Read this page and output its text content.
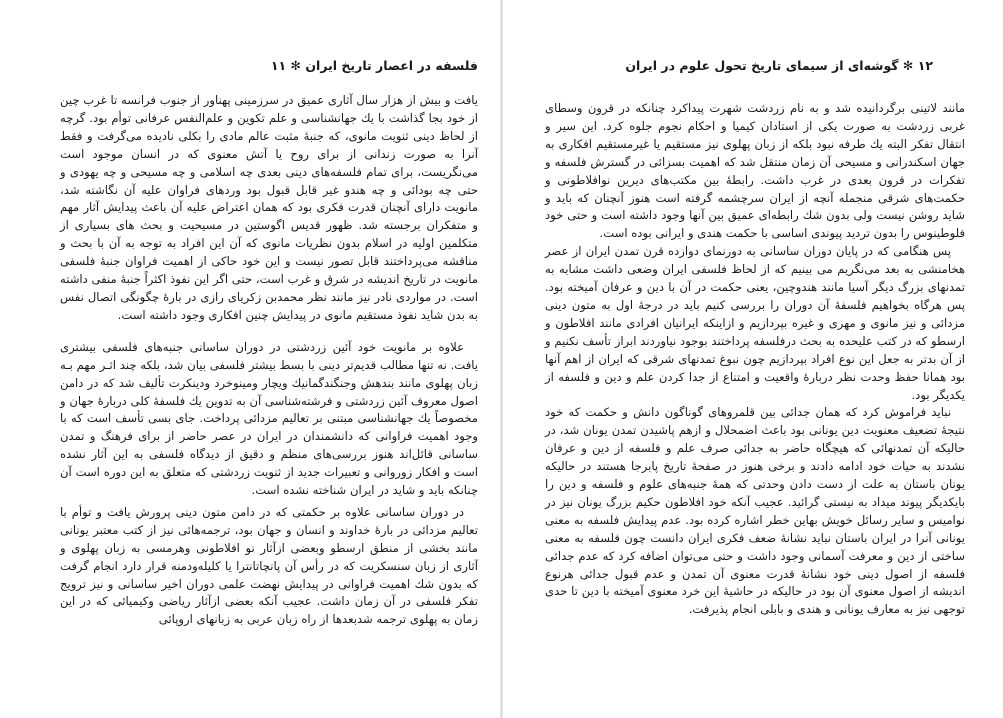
فلسفه در اعصار تاریخ ایران ✻ ۱۱

یافت و بیش از هزار سال آثاری عمیق در سرزمینی پهناور از جنوب فرانسه تا غرب چین از خود بجا گذاشت با یك جهانشناسی و علم تکوین و علم‌النفس عرفانی توأم بود. گرچه از لحاظ دینی ثنویت مانوی، كه جنبهٔ مثبت عالم مادی را بكلی نادیده می‌گرفت و فقط آنرا به صورت زندانی از برای روح یا آتش معنوی كه در انسان موجود است می‌نگریست، برای تمام فلسفه‌های دینی بعدی چه اسلامی و چه مسیحی و چه یهودی و حتی چه بودائی و چه هندو غیر قابل قبول بود وردهای فراوان علیه آن نگاشته شد، مانویت دارای آنچنان قدرت فكری بود كه همان اعتراض علیه آن باعث پیدایش آثار مهم و متفكران برجسته شد. ظهور قدیس اگوستین در مسیحیت و بحث های بسیاری از متكلمین اولیه در اسلام بدون نظریات مانوی كه آن این افراد به توجه به آن با بحث و مناقشه می‌پرداختند قابل تصور نیست و این خود حاکی از اهمیت فراوان جنبهٔ فلسفی مانویت در تاریخ اندیشه در شرق و غرب است، حتی اگر این نفوذ اكثراً جنبهٔ منفی داشته است. در مواردی نادر نیز مانند نظر محمدبن زكریای رازی در بارهٔ چگونگی اتصال نفس به بدن شاید نفوذ مستقیم مانوی در پیدایش چنین افكاری وجود داشته است.

علاوه بر مانویت خود آئین زردشتی در دوران ساسانی جنبه‌های فلسفی بیشتری یافت. نه تنها مطالب قدیم‌تر دینی با بسط بیشتر فلسفی بیان شد، بلكه چند اثـر مهم بـه زبان پهلوی مانند بندهش وجنگندگمانیك ویچار ومینوخرد ودینكرت تألیف شد كه در دامن اصول معروف آئین زردشتی و فرشته‌شناسی آن به تدوین یك فلسفهٔ كلی دربارهٔ جهان و مخصوصاً یك جهانشناسی مبتنی بر تعالیم مزدائی پرداخت. جای بسی تأسف است كه با وجود اهمیت فراوانی كه دانشمندان در ایران در عصر حاضر از برای فرهنگ و تمدن ساسانی قائل‌اند هنوز بررسی‌های منظم و دقیق از دیدگاه فلسفی به این آثار نشده است و افكار زوروانی و تعبیرات جدید از ثنویت زردشتی كه متعلق به این دوره است آن چنانكه باید و شاید در ایران شناخته نشده است.

در دوران ساسانی علاوه بر حكمتی كه در دامن متون دینی پرورش یافت و توأم با تعالیم مزدائی در بارهٔ خداوند و انسان و جهان بود، ترجمه‌هائی نیز از كتب معتبر یونانی مانند بخشی از منطق ارسطو وبعضی ازآثار نو افلاطونی وهرمسی به زبان پهلوی و آثاری از زبان سنسكریت كه در رأس آن پانچاتانترا یا كلیله‌ودمنه قرار دارد انجام گرفت كه بدون شك اهمیت فراوانی در پیدایش نهضت علمی دوران اخیر ساسانی و نیز ترویج تفكر فلسفی در آن زمان داشت. عجیب آنكه بعضی ازآثار ریاضی وكیمیائی كه در این زمان به پهلوی ترجمه شدبعدها از راه زبان عربی به زبانهای اروپائی

۱۲ ✻ گوشه‌ای از سیمای تاریخ تحول علوم در ایران

مانند لاتینی برگردانیده شد و به نام زردشت شهرت پیداكرد چنانكه در قرون وسطای غربی زردشت به صورت یكی از استادان كیمیا و احكام نجوم جلوه كرد. این سیر و انتقال تفكر البته یك طرفه نبود بلكه از زبان پهلوی نیز مستقیم یا غیرمستقیم افكاری به جهان اسكندرانی و مسیحی آن زمان منتقل شد كه اهمیت بسزائی در گسترش فلسفه و تفكرات در قرون بعدی در غرب داشت. رابطهٔ بین مكتب‌های دیرین نوافلاطونی و حكمت‌های شرقی منجمله آنچه از ایران سرچشمه گرفته است هنوز آنچنان كه باید و شاید روشن نیست ولی بدون شك رابطه‌ای عمیق بین آنها وجود داشته است و حتی خود فلوطینوس را بدون تردید پیوندی اساسی با حكمت هندی و ایرانی بوده است.

پس هنگامی كه در پایان دوران ساسانی به دورنمای دوازده قرن تمدن ایران از عصر هخامنشی به بعد می‌نگریم می بینیم كه از لحاظ فلسفی ایران وضعی داشت مشابه به تمدنهای بزرگ دیگر آسیا مانند هندوچین، یعنی حكمت در آن با دین و عرفان آمیخته بود. پس هرگاه بخواهیم فلسفهٔ آن دوران را بررسی كنیم باید در درجهٔ اول به متون دینی مزدائی و نیز مانوی و مهری و غیره بپردازیم و ازاینكه ایرانیان افرادی مانند افلاطون و ارسطو كه در كتب علیحده به بحث درفلسفه پرداختند بوجود نیاوردند ابراز تأسف نكنیم و از آن بدتر به جعل این نوع افراد بپردازیم چون نبوغ تمدنهای شرقی كه ایران از اهم آنها بود همانا حفظ وحدت نظر دربارهٔ واقعیت و امتناع از جدا كردن علم و دین و فلسفه از یكدیگر بود.

نباید فراموش كرد كه همان جدائی بین قلمروهای گوناگون دانش و حكمت كه خود نتیجهٔ تضعیف معنویت دین یونانی بود باعث اضمحلال و ازهم پاشیدن تمدن یونان شد، در حالیكه آن تمدنهائی كه هیچگاه حاضر به جدائی صرف علم و فلسفه از دین و عرفان نشدند به حیات خود ادامه دادند و برخی هنوز در صفحهٔ تاریخ پابرجا هستند در حالیكه یونان باستان به علت از دست دادن وحدتی كه همهٔ جنبه‌های علوم و فلسفه و دین را بایكدیگر پیوند میداد به نیستی گرائید. عجیب آنكه خود افلاطون حكیم بزرگ یونان نیز در نوامیس و سایر رسائل خویش بهاین خطر اشاره كرده بود. عدم پیدایش فلسفه به معنی یونانی آنرا در ایران باستان نباید نشانهٔ ضعف فكری ایران دانست چون فلسفه به معنی ساختی از دین و معرفت آسمانی وجود داشت و حتی می‌توان اضافه كرد كه عدم جدائی فلسفه از اصول دینی خود نشانهٔ قدرت معنوی آن تمدن و عدم قبول جدائی هرنوع اندیشه از اصول معنوی آن بود در حالیكه در حاشیهٔ این خرد معنوی آمیخته با دین تا حدی توجهی نیز به معارف یونانی و هندی و بابلی انجام پذیرفت.
